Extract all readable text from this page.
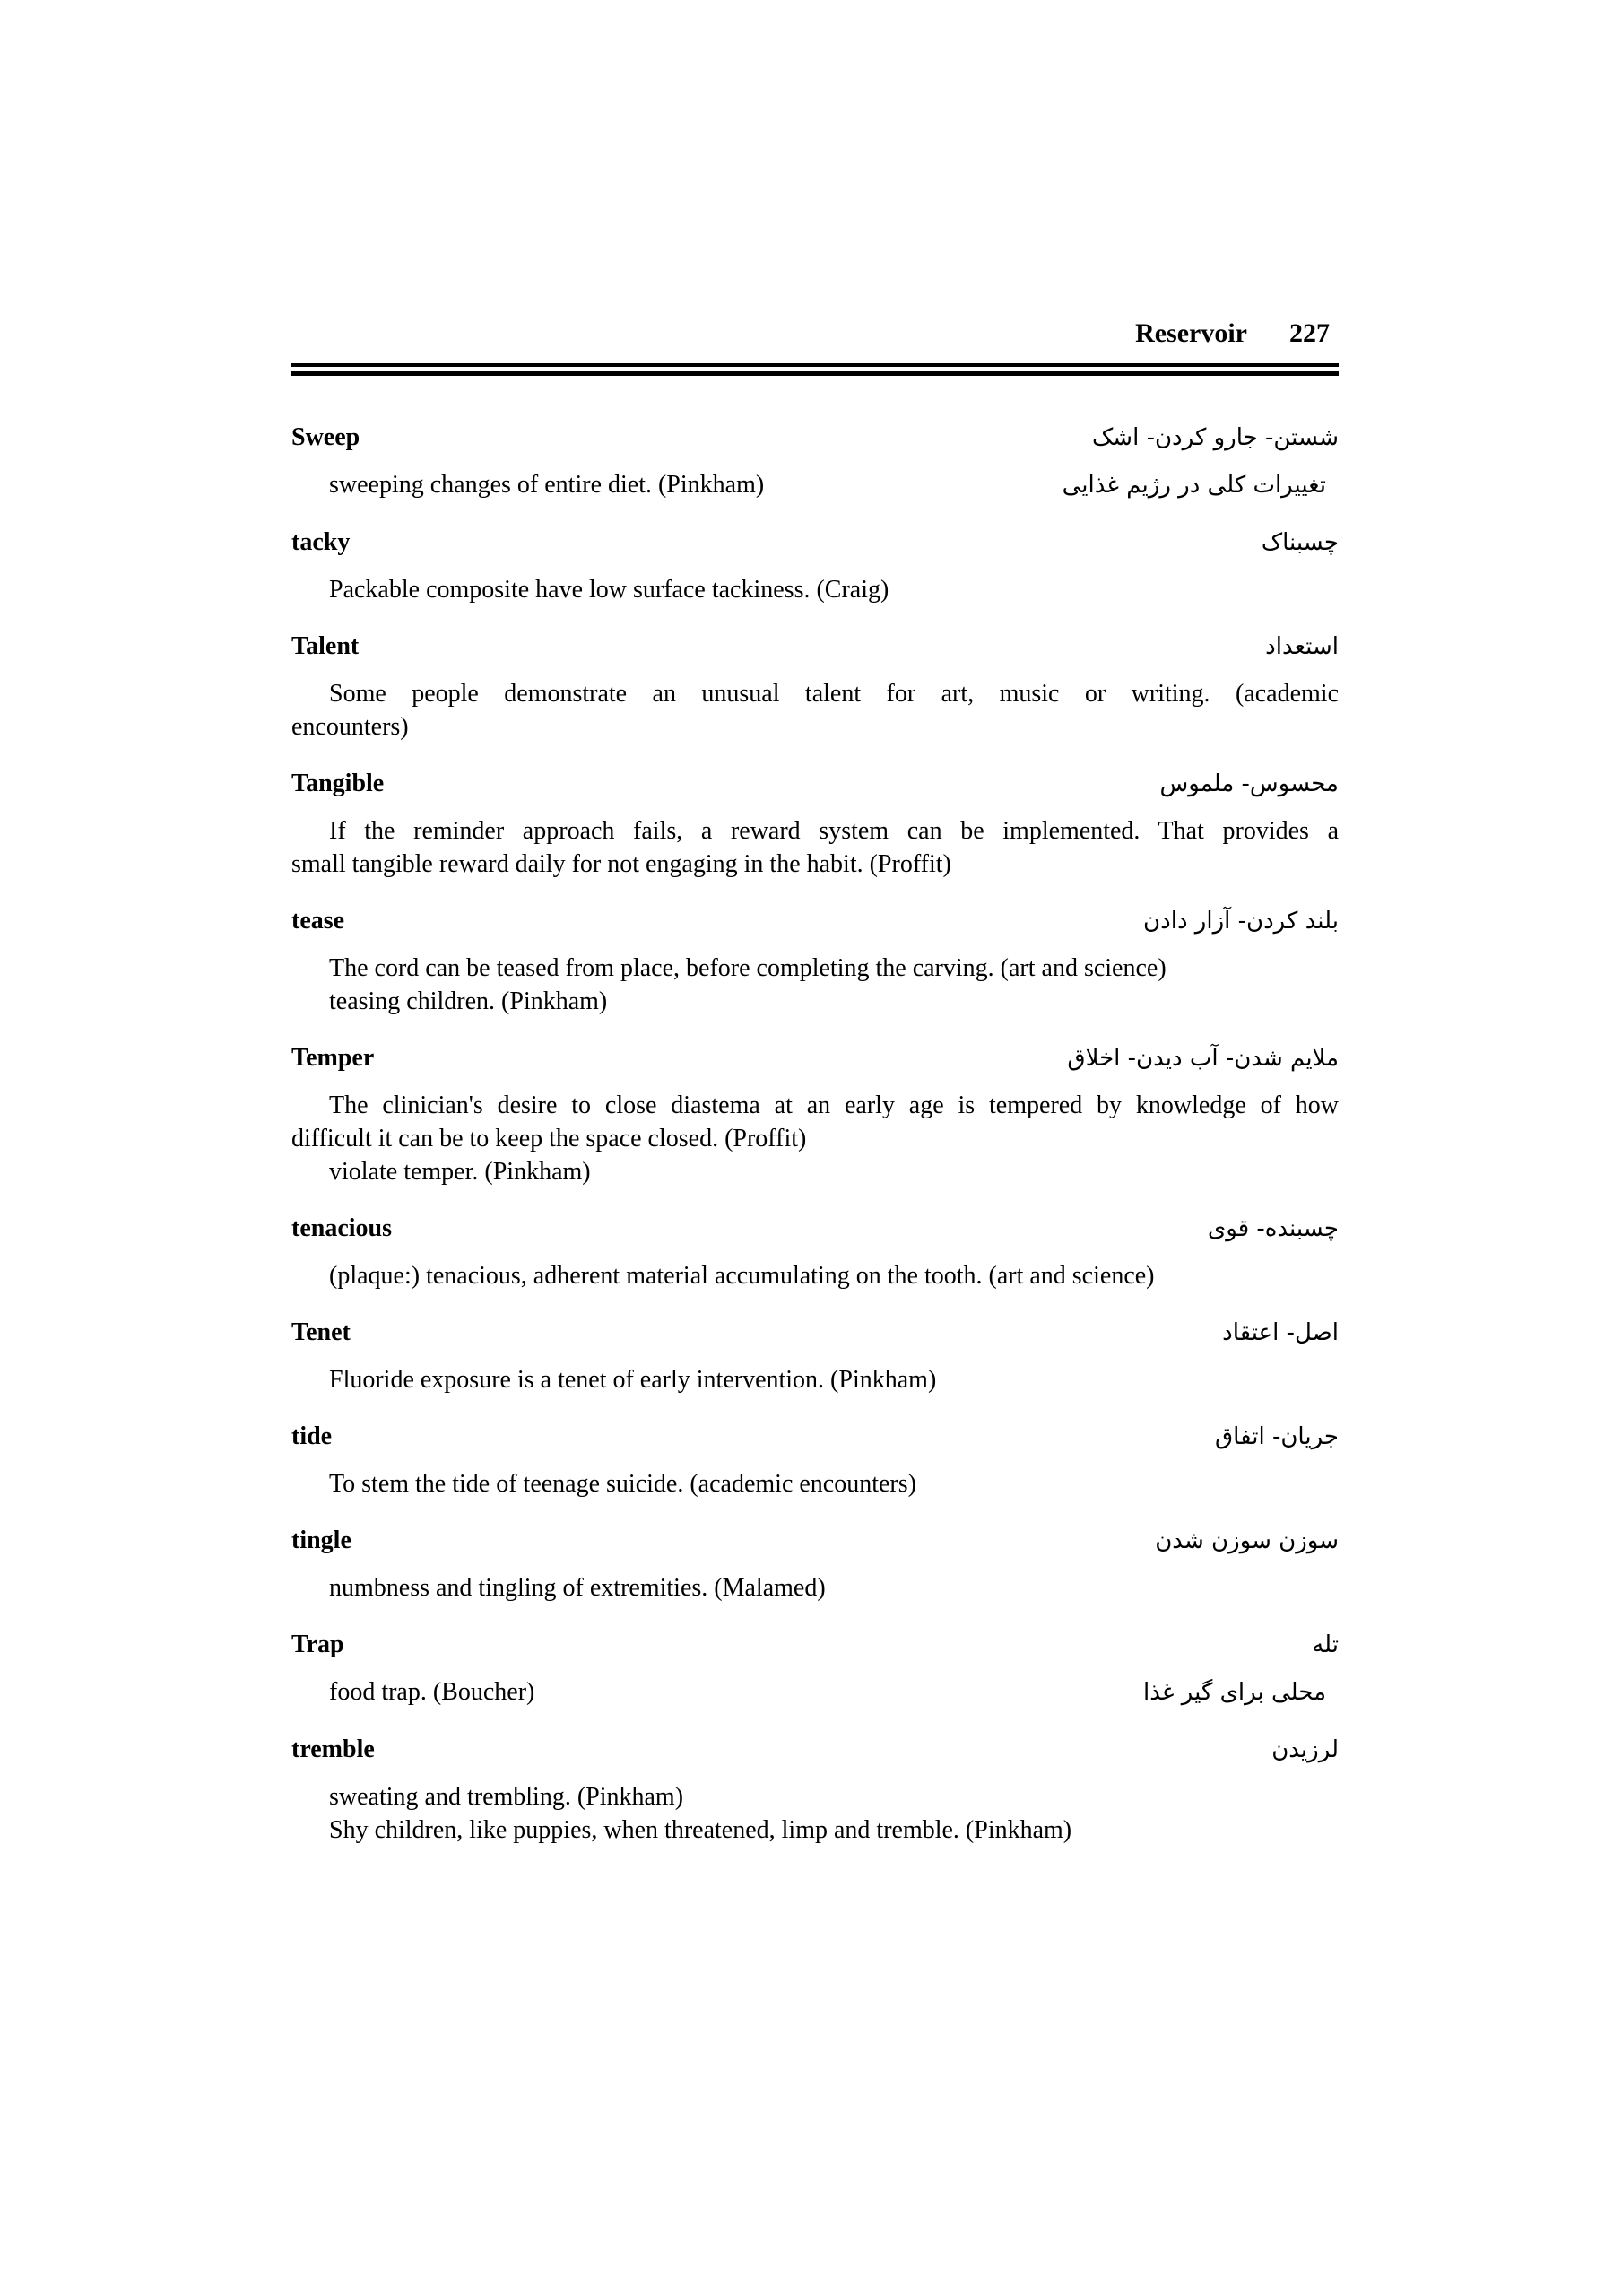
Reservoir 227
Sweep	شستن- جارو کردن- اشک
sweeping changes of entire diet. (Pinkham)	تغییرات کلی در رژیم غذایی
tacky	چسبناک
Packable composite have low surface tackiness. (Craig)
Talent	استعداد
Some people demonstrate an unusual talent for art, music or writing. (academic
encounters)
Tangible	محسوس- ملموس
If the reminder approach fails, a reward system can be implemented. That provides a
small tangible reward daily for not engaging in the habit. (Proffit)
tease	بلند کردن- آزار دادن
The cord can be teased from place, before completing the carving. (art and science)
teasing children. (Pinkham)
Temper	ملایم شدن- آب دیدن- اخلاق
The clinician's desire to close diastema at an early age is tempered by knowledge of how
difficult it can be to keep the space closed. (Proffit)
violate temper. (Pinkham)
tenacious	چسبنده- قوی
(plaque:) tenacious, adherent material accumulating on the tooth. (art and science)
Tenet	اصل- اعتقاد
Fluoride exposure is a tenet of early intervention. (Pinkham)
tide	جریان- اتفاق
To stem the tide of teenage suicide. (academic encounters)
tingle	سوزن سوزن شدن
numbness and tingling of extremities. (Malamed)
Trap	تله
food trap. (Boucher)	محلی برای گیر غذا
tremble	لرزیدن
sweating and trembling. (Pinkham)
Shy children, like puppies, when threatened, limp and tremble. (Pinkham)
